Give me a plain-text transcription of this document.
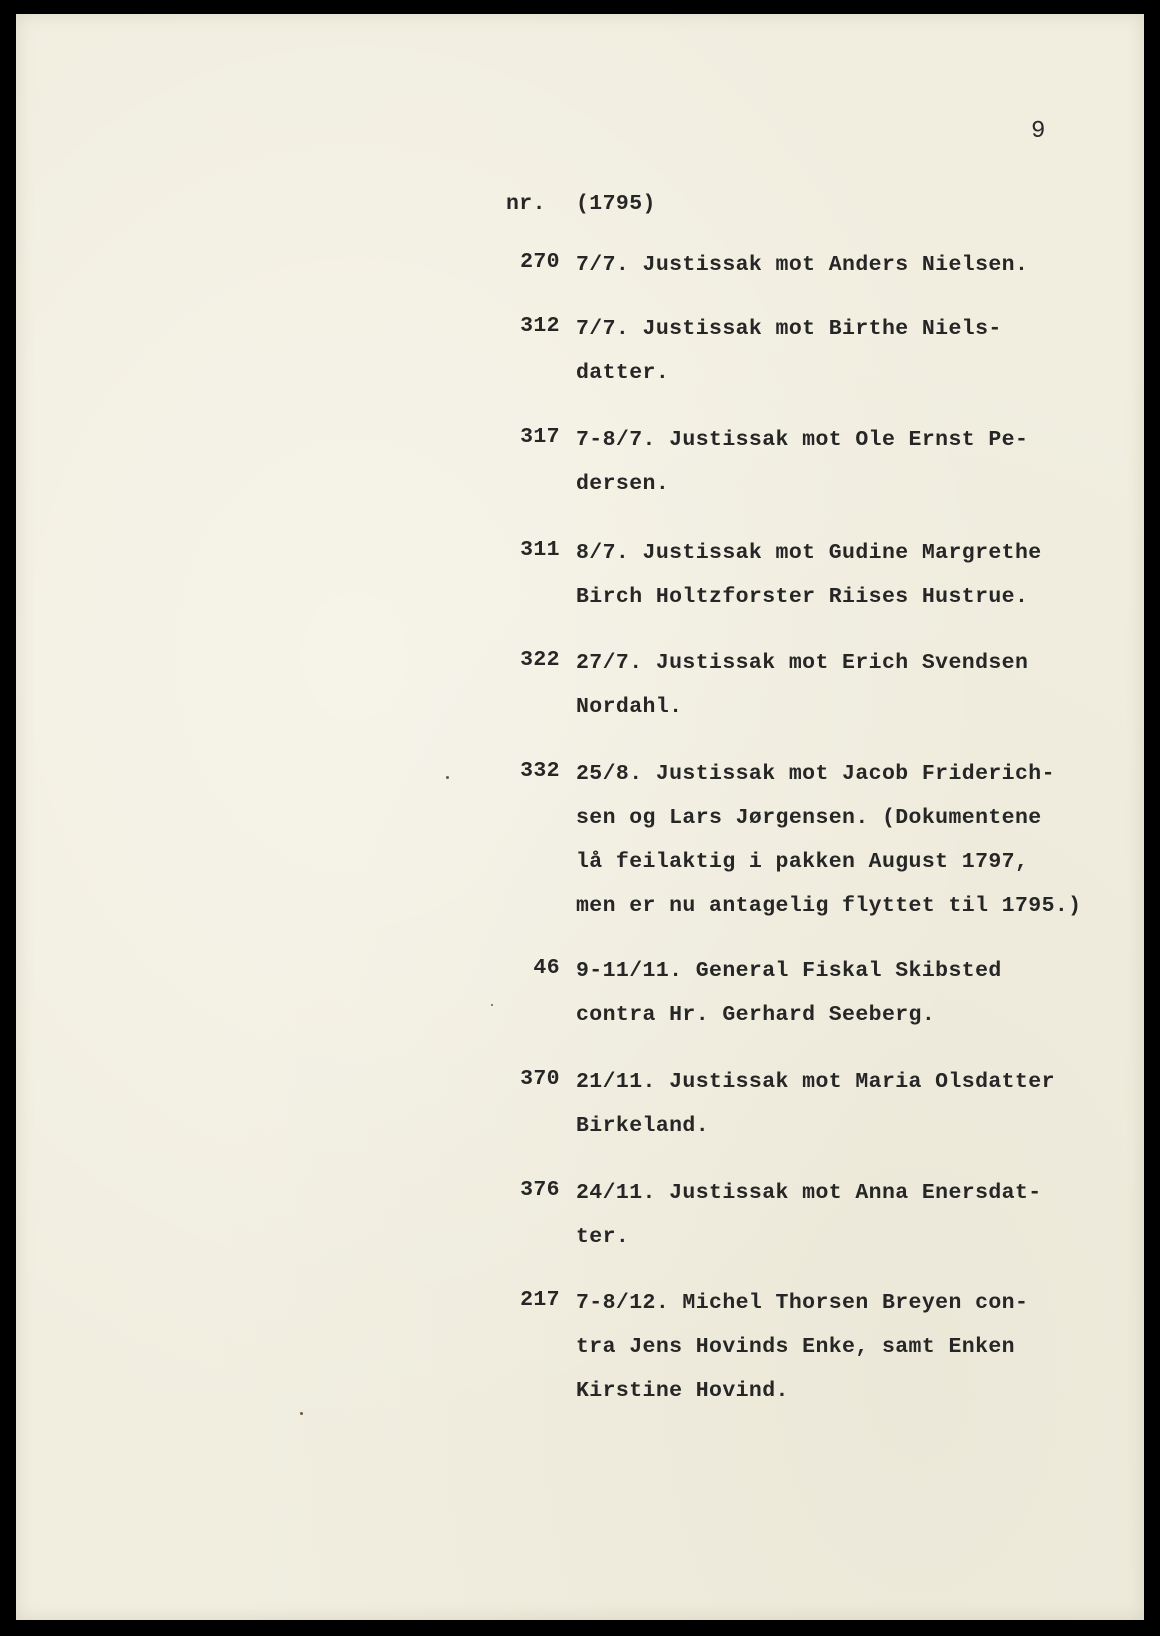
9
nr. (1795)
270 7/7. Justissak mot Anders Nielsen.
312 7/7. Justissak mot Birthe Niels-
datter.
317 7-8/7. Justissak mot Ole Ernst Pe-
dersen.
311 8/7. Justissak mot Gudine Margrethe
Birch Holtzforster Riises Hustrue.
322 27/7. Justissak mot Erich Svendsen
Nordahl.
332 25/8. Justissak mot Jacob Friderich-
sen og Lars Jørgensen. (Dokumentene
lå feilaktig i pakken August 1797,
men er nu antagelig flyttet til 1795.)
46 9-11/11. General Fiskal Skibsted
contra Hr. Gerhard Seeberg.
370 21/11. Justissak mot Maria Olsdatter
Birkeland.
376 24/11. Justissak mot Anna Enersdat-
ter.
217 7-8/12. Michel Thorsen Breyen con-
tra Jens Hovinds Enke, samt Enken
Kirstine Hovind.
